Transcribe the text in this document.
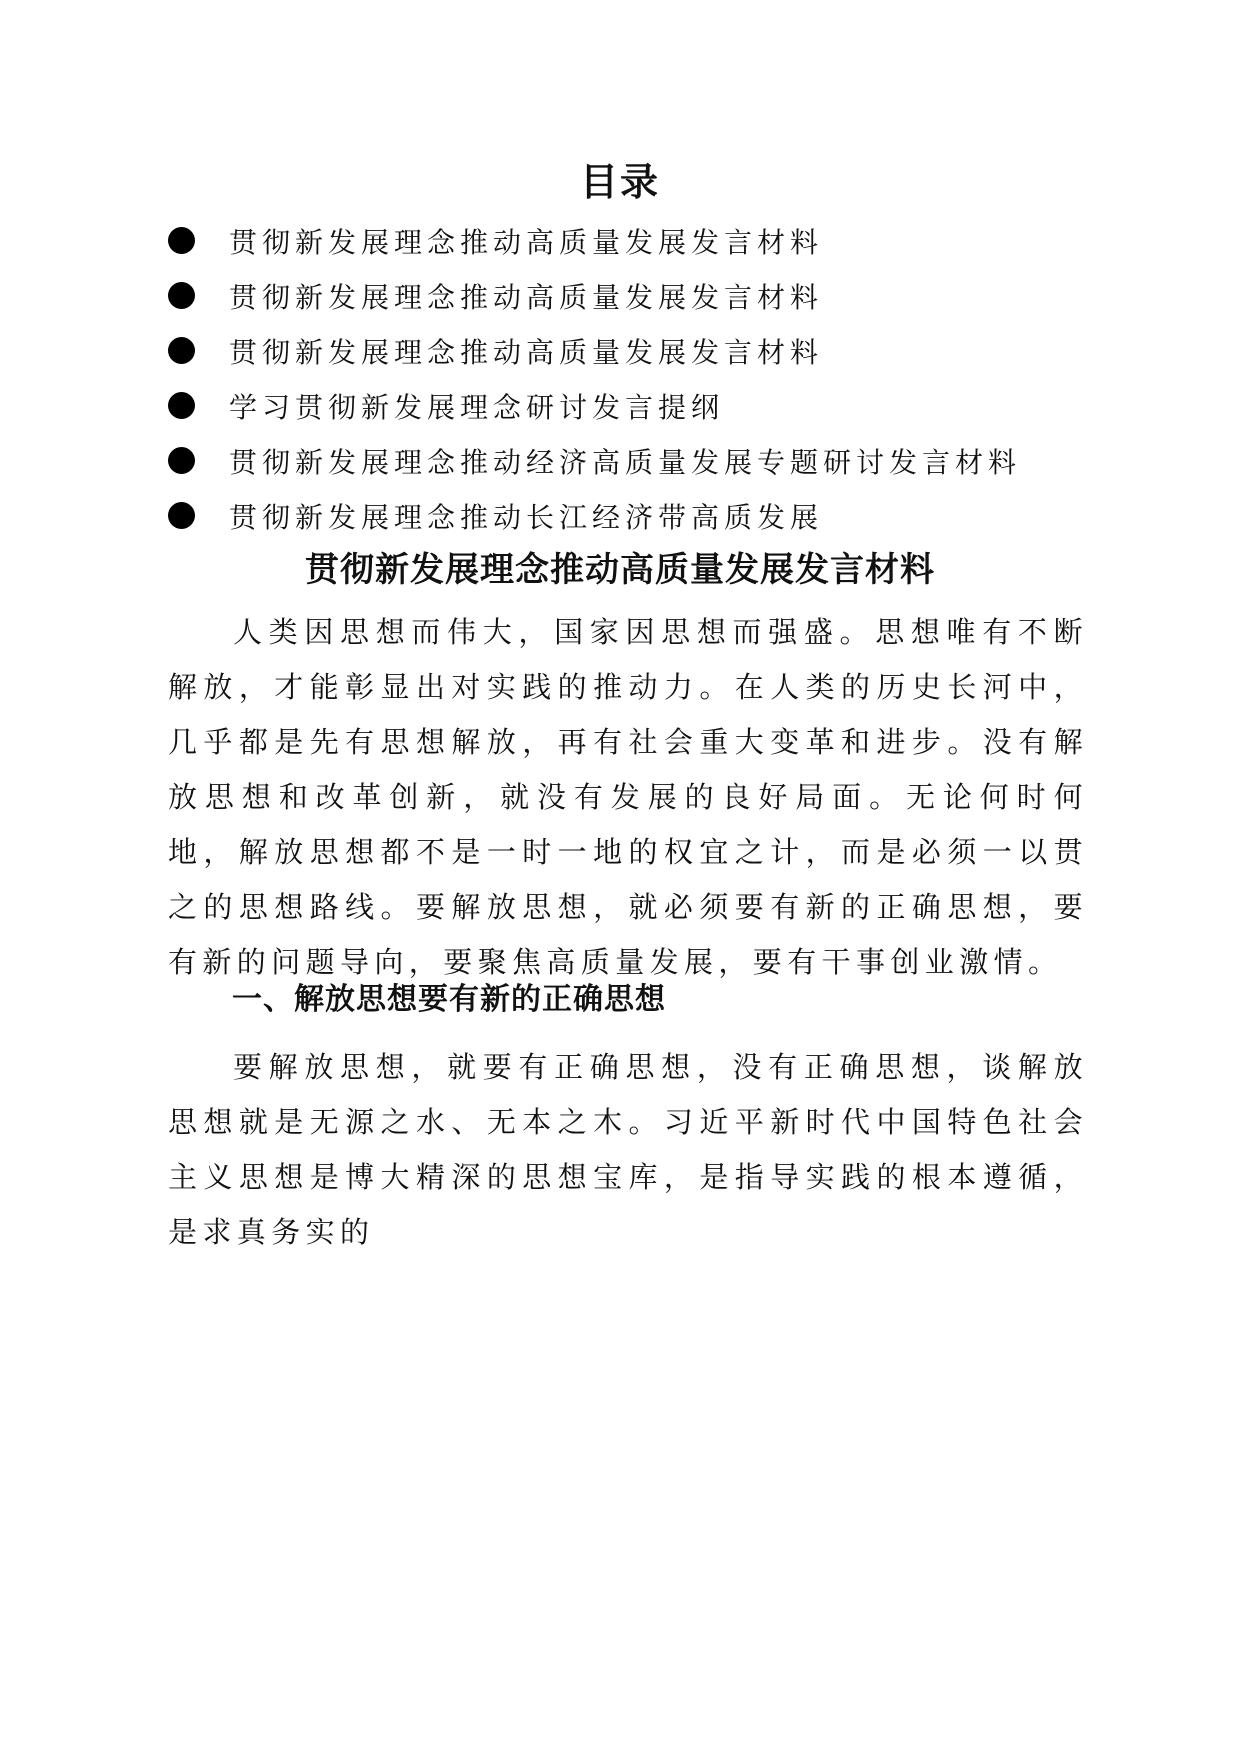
目录
贯彻新发展理念推动高质量发展发言材料
贯彻新发展理念推动高质量发展发言材料
贯彻新发展理念推动高质量发展发言材料
学习贯彻新发展理念研讨发言提纲
贯彻新发展理念推动经济高质量发展专题研讨发言材料
贯彻新发展理念推动长江经济带高质发展
贯彻新发展理念推动高质量发展发言材料

人类因思想而伟大，国家因思想而强盛。思想唯有不断解放，才能彰显出对实践的推动力。在人类的历史长河中，几乎都是先有思想解放，再有社会重大变革和进步。没有解放思想和改革创新，就没有发展的良好局面。无论何时何地，解放思想都不是一时一地的权宜之计，而是必须一以贯之的思想路线。要解放思想，就必须要有新的正确思想，要有新的问题导向，要聚焦高质量发展，要有干事创业激情。

一、解放思想要有新的正确思想

要解放思想，就要有正确思想，没有正确思想，谈解放思想就是无源之水、无本之木。习近平新时代中国特色社会主义思想是博大精深的思想宝库，是指导实践的根本遵循，是求真务实的
